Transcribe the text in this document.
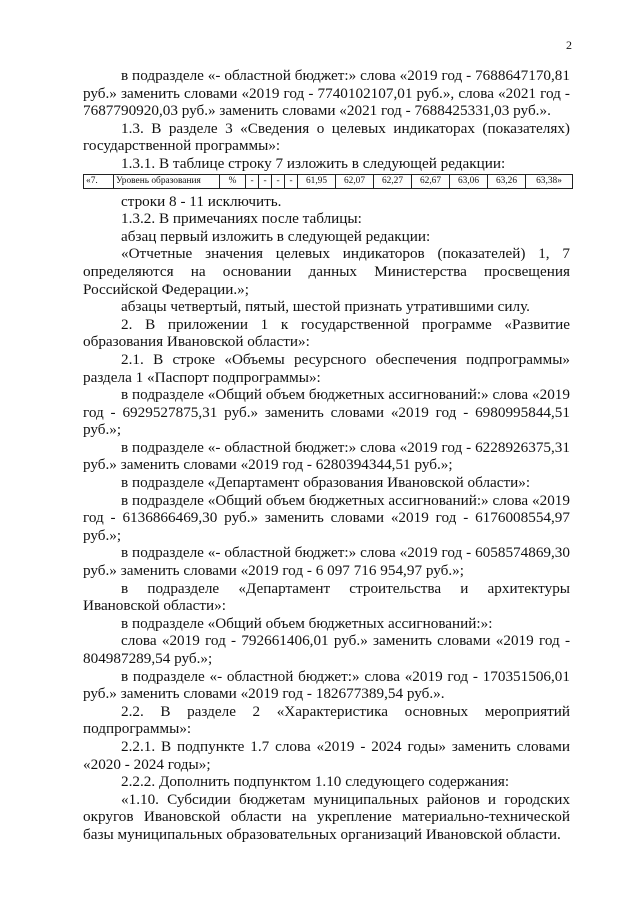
2

в подразделе «- областной бюджет:» слова «2019 год - 7688647170,81 руб.» заменить словами «2019 год - 7740102107,01 руб.», слова «2021 год - 7687790920,03 руб.» заменить словами «2021 год - 7688425331,03 руб.».

1.3. В разделе 3 «Сведения о целевых индикаторах (показателях) государственной программы»:

1.3.1. В таблице строку 7 изложить в следующей редакции:

«7.	Уровень образования	%	-	-	-	-	61,95	62,07	62,27	62,67	63,06	63,26	63,38»

строки 8 - 11 исключить.

1.3.2. В примечаниях после таблицы:

абзац первый изложить в следующей редакции:

«Отчетные значения целевых индикаторов (показателей) 1, 7 определяются на основании данных Министерства просвещения Российской Федерации.»;

абзацы четвертый, пятый, шестой признать утратившими силу.

2. В приложении 1 к государственной программе «Развитие образования Ивановской области»:

2.1. В строке «Объемы ресурсного обеспечения подпрограммы» раздела 1 «Паспорт подпрограммы»:

в подразделе «Общий объем бюджетных ассигнований:» слова «2019 год - 6929527875,31 руб.» заменить словами «2019 год - 6980995844,51 руб.»;

в подразделе «- областной бюджет:» слова «2019 год - 6228926375,31 руб.» заменить словами «2019 год - 6280394344,51 руб.»;

в подразделе «Департамент образования Ивановской области»:

в подразделе «Общий объем бюджетных ассигнований:» слова «2019 год - 6136866469,30 руб.» заменить словами «2019 год - 6176008554,97 руб.»;

в подразделе «- областной бюджет:» слова «2019 год - 6058574869,30 руб.» заменить словами «2019 год - 6 097 716 954,97 руб.»;

в подразделе «Департамент строительства и архитектуры Ивановской области»:

в подразделе «Общий объем бюджетных ассигнований:»:

слова «2019 год - 792661406,01 руб.» заменить словами «2019 год - 804987289,54 руб.»;

в подразделе «- областной бюджет:» слова «2019 год - 170351506,01 руб.» заменить словами «2019 год - 182677389,54 руб.».

2.2. В разделе 2 «Характеристика основных мероприятий подпрограммы»:

2.2.1. В подпункте 1.7 слова «2019 - 2024 годы» заменить словами «2020 - 2024 годы»;

2.2.2. Дополнить подпунктом 1.10 следующего содержания:

«1.10. Субсидии бюджетам муниципальных районов и городских округов Ивановской области на укрепление материально-технической базы муниципальных образовательных организаций Ивановской области.
